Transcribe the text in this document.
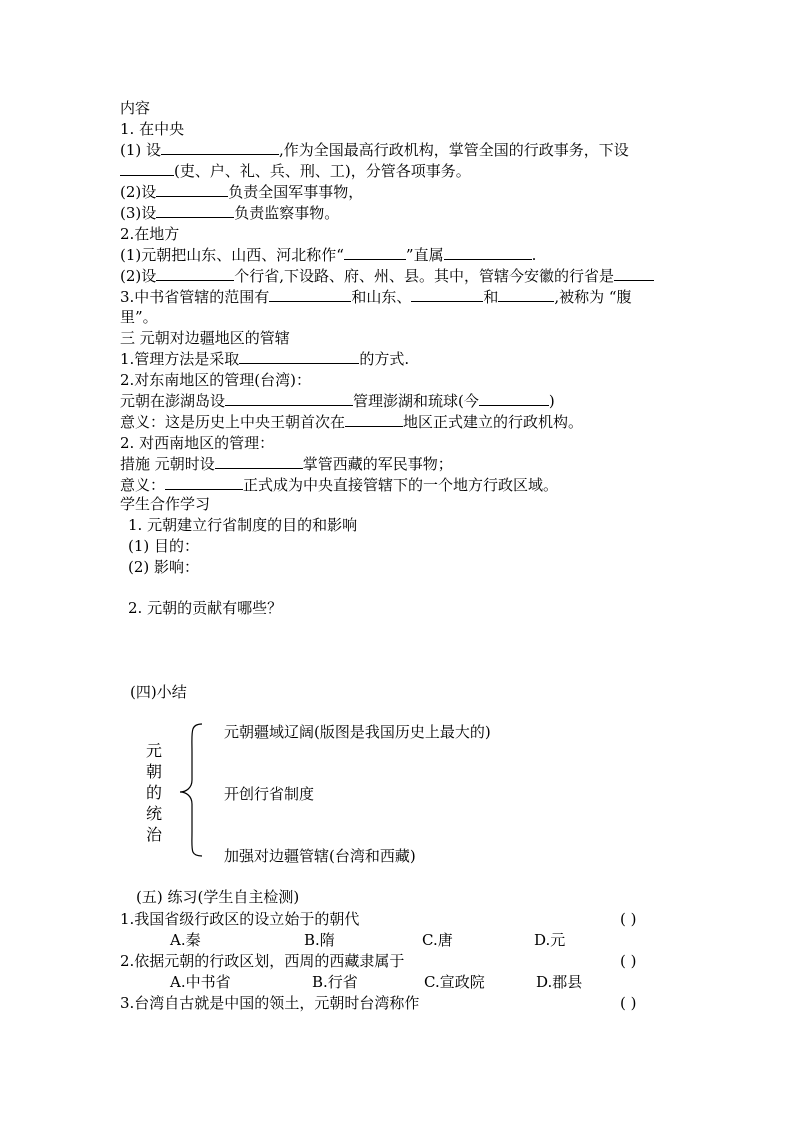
内容
1. 在中央
(1) 设	,作为全国最高行政机构，掌管全国的行政事务，下设
(吏、户、礼、兵、刑、工)，分管各项事务。
(2)设	负责全国军事事物，
(3)设	负责监察事物。
2.在地方
(1)元朝把山东、山西、河北称作“	”直属	.
(2)设	个行省,下设路、府、州、县。其中，管辖今安徽的行省是
3.中书省管辖的范围有	和山东、	和	,被称为 “腹
里”。
三 元朝对边疆地区的管辖
1.管理方法是采取	的方式.
2.对东南地区的管理(台湾)：
元朝在澎湖岛设	管理澎湖和琉球(今	)
意义：这是历史上中央王朝首次在	地区正式建立的行政机构。
2. 对西南地区的管理：
措施 元朝时设	掌管西藏的军民事物；
意义：	正式成为中央直接管辖下的一个地方行政区域。
学生合作学习
1. 元朝建立行省制度的目的和影响
(1) 目的：
(2) 影响：
2. 元朝的贡献有哪些？
(四)小结
元
朝
的
统
治
元朝疆域辽阔(版图是我国历史上最大的)
开创行省制度
加强对边疆管辖(台湾和西藏)
(五) 练习(学生自主检测)
1.我国省级行政区的设立始于的朝代	( )
A.秦	B.隋	C.唐	D.元
2.依据元朝的行政区划，西周的西藏隶属于	( )
A.中书省	B.行省	C.宣政院	D.郡县
3.台湾自古就是中国的领土，元朝时台湾称作	( )
